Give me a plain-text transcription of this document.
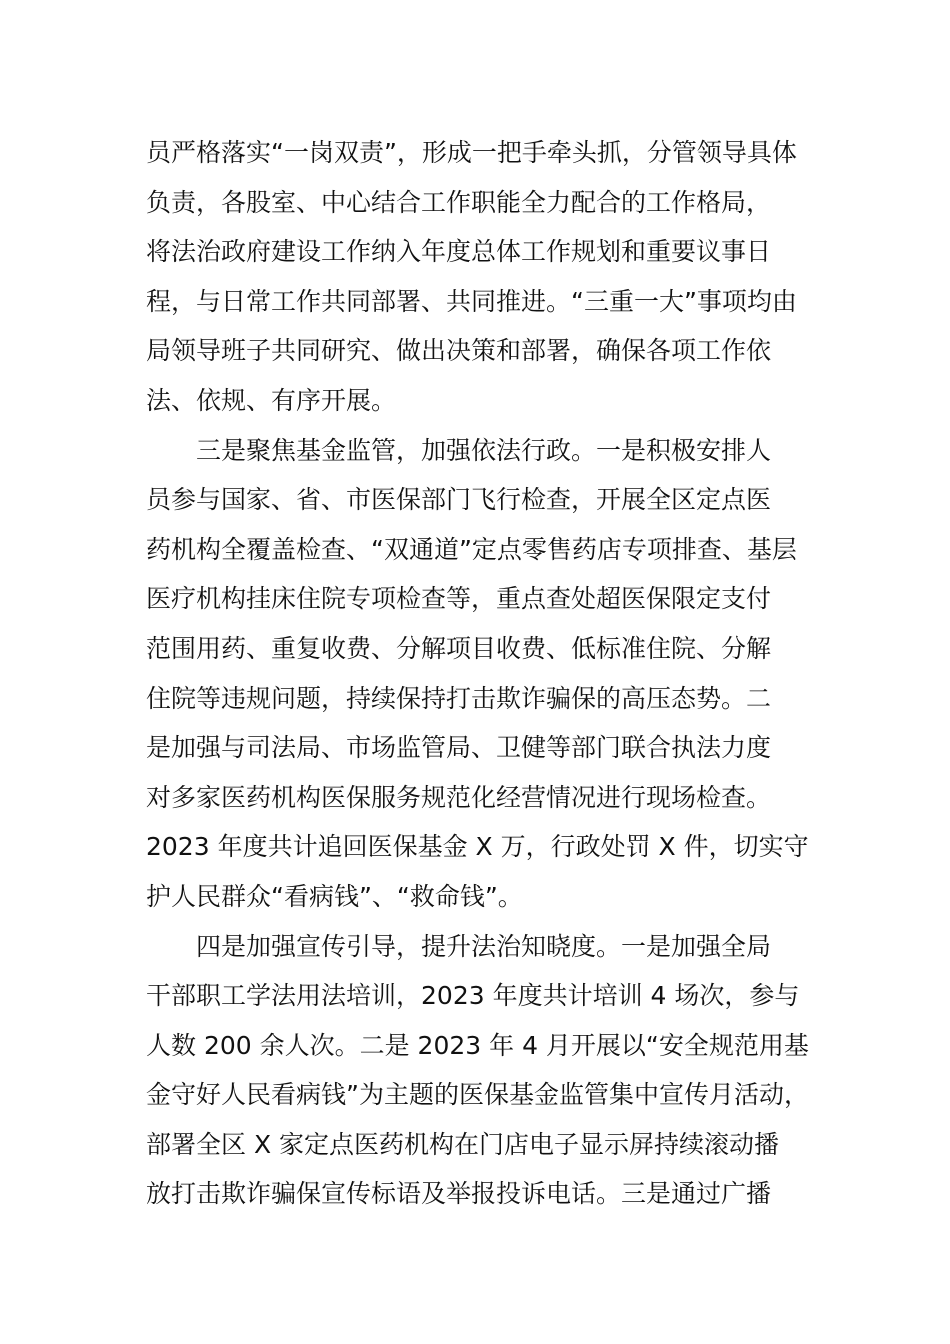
员严格落实“一岗双责”，形成一把手牵头抓，分管领导具体
负责，各股室、中心结合工作职能全力配合的工作格局，
将法治政府建设工作纳入年度总体工作规划和重要议事日
程，与日常工作共同部署、共同推进。“三重一大”事项均由
局领导班子共同研究、做出决策和部署，确保各项工作依
法、依规、有序开展。
三是聚焦基金监管，加强依法行政。一是积极安排人
员参与国家、省、市医保部门飞行检查，开展全区定点医
药机构全覆盖检查、“双通道”定点零售药店专项排查、基层
医疗机构挂床住院专项检查等，重点查处超医保限定支付
范围用药、重复收费、分解项目收费、低标准住院、分解
住院等违规问题，持续保持打击欺诈骗保的高压态势。二
是加强与司法局、市场监管局、卫健等部门联合执法力度
对多家医药机构医保服务规范化经营情况进行现场检查。
2023 年度共计追回医保基金 X 万，行政处罚 X 件，切实守
护人民群众“看病钱”、“救命钱”。
四是加强宣传引导，提升法治知晓度。一是加强全局
干部职工学法用法培训，2023 年度共计培训 4 场次，参与
人数 200 余人次。二是 2023 年 4 月开展以“安全规范用基
金守好人民看病钱”为主题的医保基金监管集中宣传月活动，
部署全区 X 家定点医药机构在门店电子显示屏持续滚动播
放打击欺诈骗保宣传标语及举报投诉电话。三是通过广播
